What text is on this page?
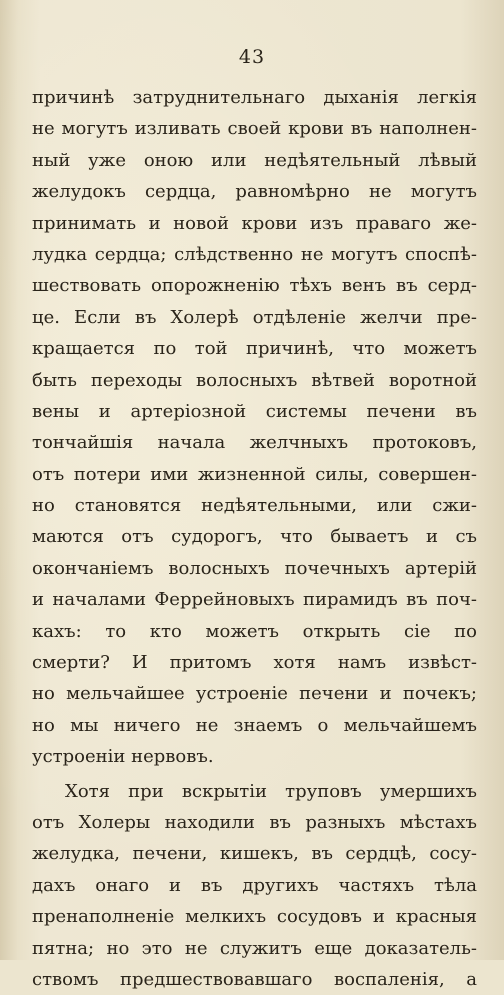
43
причинѣ затруднительнаго дыханія легкія
не могутъ изливать своей крови въ наполнен-
ный уже оною или недѣятельный лѣвый
желудокъ сердца, равномѣрно не могутъ
принимать и новой крови изъ праваго же-
лудка сердца; слѣдственно не могутъ споспѣ-
шествовать опорожненію тѣхъ венъ въ серд-
це. Если въ Холерѣ отдѣленіе желчи пре-
кращается по той причинѣ, что можетъ
быть переходы волосныхъ вѣтвей воротной
вены и артеріозной системы печени въ
тончайшія начала желчныхъ протоковъ,
отъ потери ими жизненной силы, совершен-
но становятся недѣятельными, или сжи-
маются отъ судорогъ, что бываетъ и съ
окончаніемъ волосныхъ почечныхъ артерій
и началами Феррейновыхъ пирамидъ въ поч-
кахъ: то кто можетъ открыть сіе по
смерти? И притомъ хотя намъ извѣст-
но мельчайшее устроеніе печени и почекъ;
но мы ничего не знаемъ о мельчайшемъ
устроеніи нервовъ.
Хотя при вскрытіи труповъ умершихъ
отъ Холеры находили въ разныхъ мѣстахъ
желудка, печени, кишекъ, въ сердцѣ, сосу-
дахъ онаго и въ другихъ частяхъ тѣла
пренаполненіе мелкихъ сосудовъ и красныя
пятна; но это не служитъ еще доказатель-
ствомъ предшествовавшаго воспаленія, а
